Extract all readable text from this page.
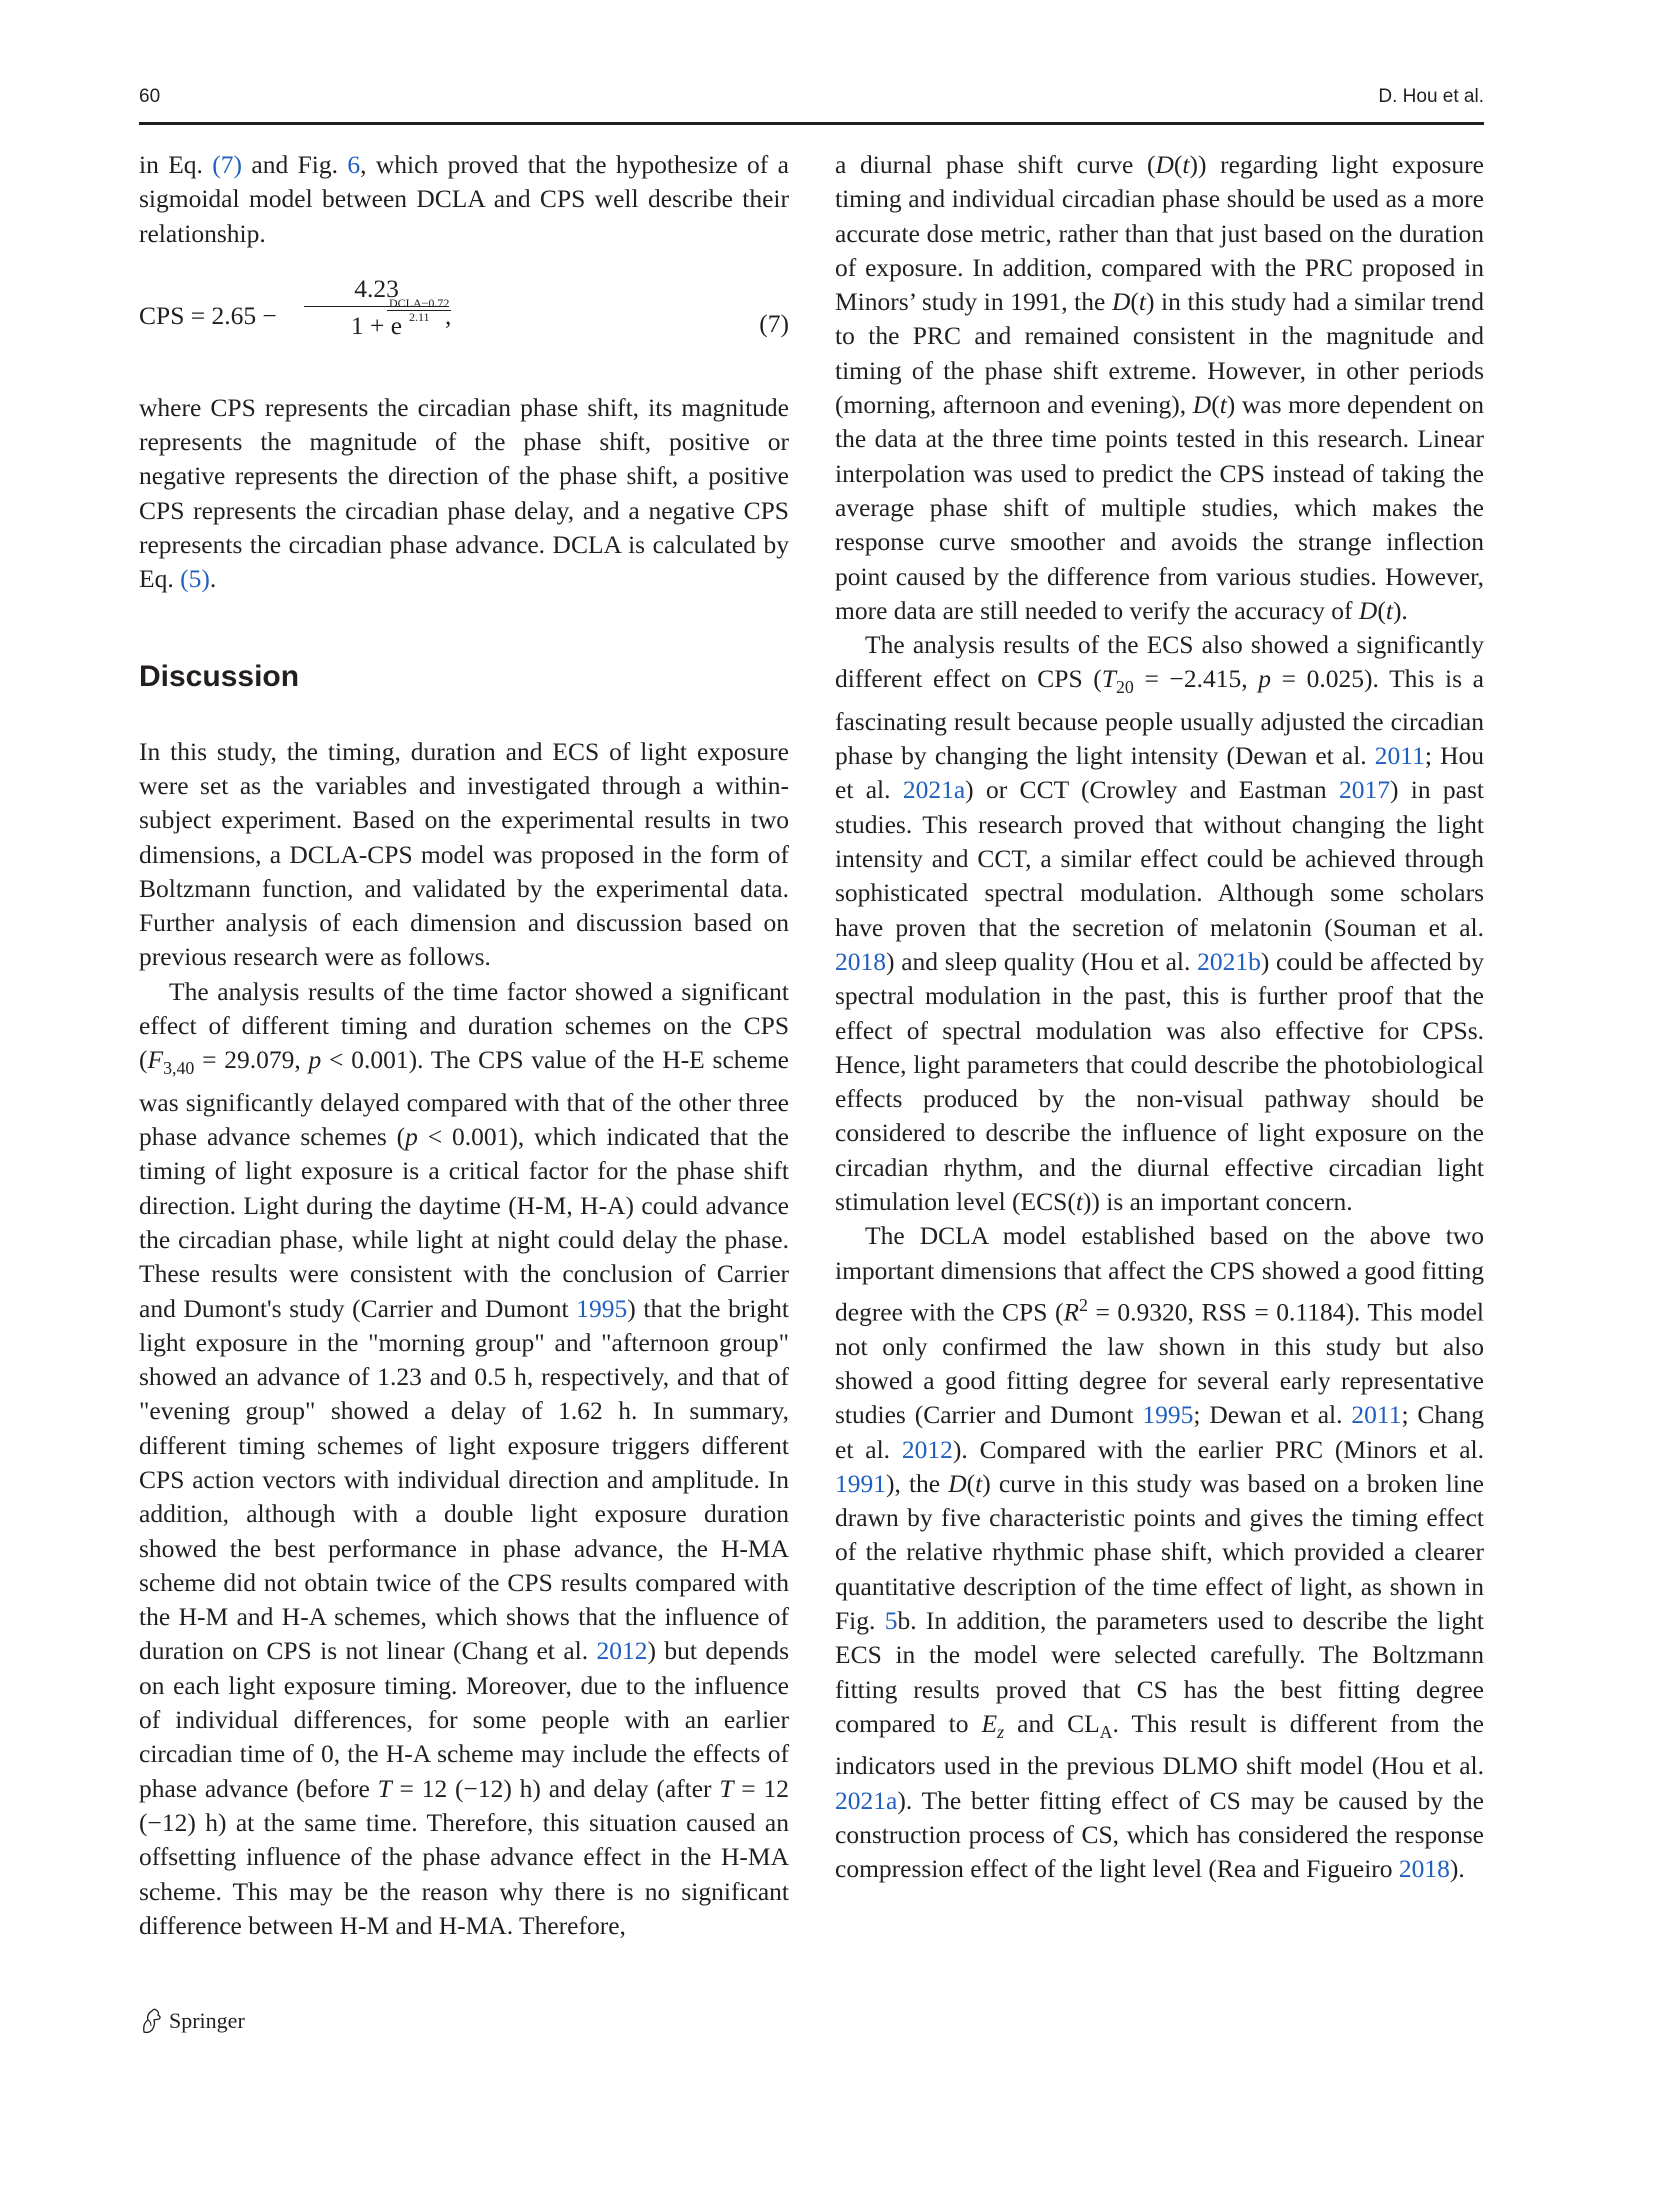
60	D. Hou et al.

in Eq. (7) and Fig. 6, which proved that the hypothesize of a sigmoidal model between DCLA and CPS well describe their relationship.

CPS = 2.65 −
4.23
1 + e
DCLA−0.72
2.11 ,	(7)

where CPS represents the circadian phase shift, its magnitude represents the magnitude of the phase shift, positive or negative represents the direction of the phase shift, a positive CPS represents the circadian phase delay, and a negative CPS represents the circadian phase advance. DCLA is calculated by Eq. (5).

Discussion

In this study, the timing, duration and ECS of light exposure were set as the variables and investigated through a within-subject experiment. Based on the experimental results in two dimensions, a DCLA-CPS model was proposed in the form of Boltzmann function, and validated by the experimental data. Further analysis of each dimension and discussion based on previous research were as follows.

The analysis results of the time factor showed a significant effect of different timing and duration schemes on the CPS ($F_{3,40} = 29.079$, p < 0.001). The CPS value of the H-E scheme was significantly delayed compared with that of the other three phase advance schemes (p < 0.001), which indicated that the timing of light exposure is a critical factor for the phase shift direction. Light during the daytime (H-M, H-A) could advance the circadian phase, while light at night could delay the phase. These results were consistent with the conclusion of Carrier and Dumont's study (Carrier and Dumont 1995) that the bright light exposure in the "morning group" and "afternoon group" showed an advance of 1.23 and 0.5 h, respectively, and that of "evening group" showed a delay of 1.62 h. In summary, different timing schemes of light exposure triggers different CPS action vectors with individual direction and amplitude. In addition, although with a double light exposure duration showed the best performance in phase advance, the H-MA scheme did not obtain twice of the CPS results compared with the H-M and H-A schemes, which shows that the influence of duration on CPS is not linear (Chang et al. 2012) but depends on each light exposure timing. Moreover, due to the influence of individual differences, for some people with an earlier circadian time of 0, the H-A scheme may include the effects of phase advance (before T = 12 (−12) h) and delay (after T = 12 (−12) h) at the same time. Therefore, this situation caused an offsetting influence of the phase advance effect in the H-MA scheme. This may be the reason why there is no significant difference between H-M and H-MA. Therefore,

a diurnal phase shift curve (D(t)) regarding light exposure timing and individual circadian phase should be used as a more accurate dose metric, rather than that just based on the duration of exposure. In addition, compared with the PRC proposed in Minors’ study in 1991, the D(t) in this study had a similar trend to the PRC and remained consistent in the magnitude and timing of the phase shift extreme. However, in other periods (morning, afternoon and evening), D(t) was more dependent on the data at the three time points tested in this research. Linear interpolation was used to predict the CPS instead of taking the average phase shift of multiple studies, which makes the response curve smoother and avoids the strange inflection point caused by the difference from various studies. However, more data are still needed to verify the accuracy of D(t).

The analysis results of the ECS also showed a significantly different effect on CPS ($T_{20} = -2.415$, p = 0.025). This is a fascinating result because people usually adjusted the circadian phase by changing the light intensity (Dewan et al. 2011; Hou et al. 2021a) or CCT (Crowley and Eastman 2017) in past studies. This research proved that without changing the light intensity and CCT, a similar effect could be achieved through sophisticated spectral modulation. Although some scholars have proven that the secretion of melatonin (Souman et al. 2018) and sleep quality (Hou et al. 2021b) could be affected by spectral modulation in the past, this is further proof that the effect of spectral modulation was also effective for CPSs. Hence, light parameters that could describe the photobiological effects produced by the non-visual pathway should be considered to describe the influence of light exposure on the circadian rhythm, and the diurnal effective circadian light stimulation level (ECS(t)) is an important concern.

The DCLA model established based on the above two important dimensions that affect the CPS showed a good fitting degree with the CPS ($R^2 = 0.9320$, RSS = 0.1184). This model not only confirmed the law shown in this study but also showed a good fitting degree for several early representative studies (Carrier and Dumont 1995; Dewan et al. 2011; Chang et al. 2012). Compared with the earlier PRC (Minors et al. 1991), the D(t) curve in this study was based on a broken line drawn by five characteristic points and gives the timing effect of the relative rhythmic phase shift, which provided a clearer quantitative description of the time effect of light, as shown in Fig. 5b. In addition, the parameters used to describe the light ECS in the model were selected carefully. The Boltzmann fitting results proved that CS has the best fitting degree compared to $E_z$ and $CL_A$. This result is different from the indicators used in the previous DLMO shift model (Hou et al. 2021a). The better fitting effect of CS may be caused by the construction process of CS, which has considered the response compression effect of the light level (Rea and Figueiro 2018).

Springer
